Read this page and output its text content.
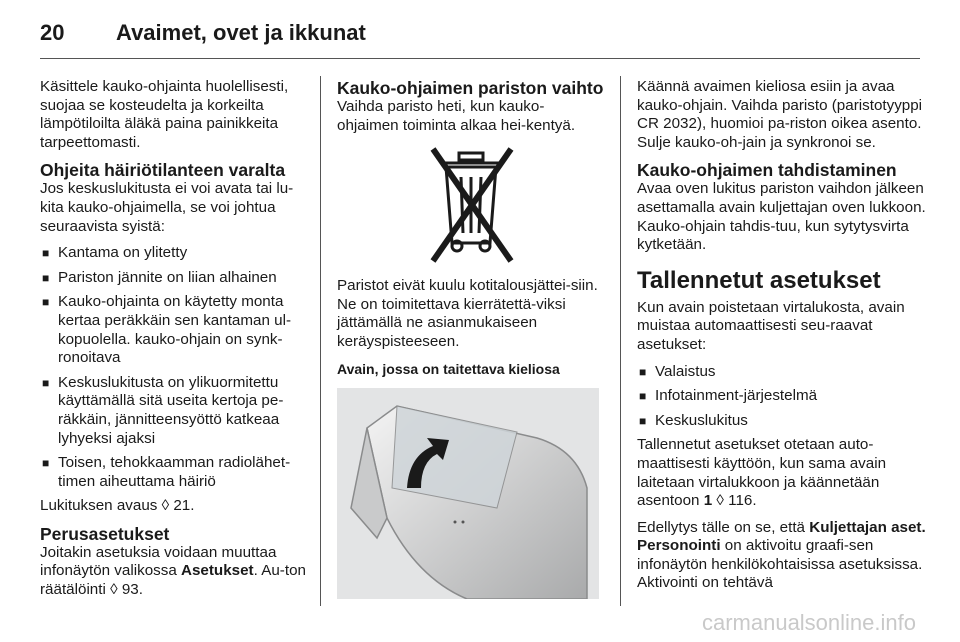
20 Avaimet, ovet ja ikkunat

Käsittele kauko-ohjainta huolellisesti, suojaa se kosteudelta ja korkeilta lämpötiloilta äläkä paina painikkeita tarpeettomasti.

Ohjeita häiriötilanteen varalta

Jos keskuslukitusta ei voi avata tai lu-kita kauko-ohjaimella, se voi johtua seuraavista syistä:

■ Kantama on ylitetty
■ Pariston jännite on liian alhainen
■ Kauko-ohjainta on käytetty monta kertaa peräkkäin sen kantaman ul-kopuolella. kauko-ohjain on synk-ronoitava
■ Keskuslukitusta on ylikuormitettu käyttämällä sitä useita kertoja pe-räkkäin, jännitteensyöttö katkeaa lyhyeksi ajaksi
■ Toisen, tehokkaamman radiolähet-timen aiheuttama häiriö

Lukituksen avaus ◊ 21.

Perusasetukset

Joitakin asetuksia voidaan muuttaa infonäytön valikossa Asetukset. Au-ton räätälöinti ◊ 93.

Kauko-ohjaimen pariston vaihto

Vaihda paristo heti, kun kauko-ohjaimen toiminta alkaa hei-kentyä.

Paristot eivät kuulu kotitalousjättei-siin. Ne on toimitettava kierrätettä-viksi jättämällä ne asianmukaiseen keräyspisteeseen.

Avain, jossa on taitettava kieliosa

Käännä avaimen kieliosa esiin ja avaa kauko-ohjain. Vaihda paristo (paristotyyppi CR 2032), huomioi pa-riston oikea asento. Sulje kauko-oh-jain ja synkronoi se.

Kauko-ohjaimen tahdistaminen

Avaa oven lukitus pariston vaihdon jälkeen asettamalla avain kuljettajan oven lukkoon. Kauko-ohjain tahdis-tuu, kun sytytysvirta kytketään.

Tallennetut asetukset

Kun avain poistetaan virtalukosta, avain muistaa automaattisesti seu-raavat asetukset:

■ Valaistus
■ Infotainment-järjestelmä
■ Keskuslukitus

Tallennetut asetukset otetaan auto-maattisesti käyttöön, kun sama avain laitetaan virtalukkoon ja käännetään asentoon 1 ◊ 116.

Edellytys tälle on se, että Kuljettajan aset. Personointi on aktivoitu graafi-sen infonäytön henkilökohtaisissa asetuksissa. Aktivointi on tehtävä

carmanualsonline.info
